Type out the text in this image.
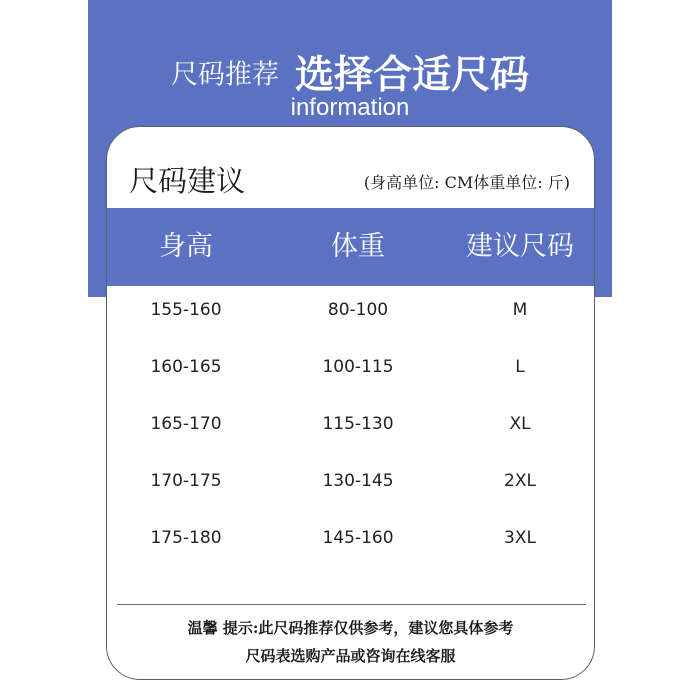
尺码推荐 选择合适尺码
information
尺码建议	(身高单位: CM体重单位: 斤)
身高	体重	建议尺码
155-160	80-100	M
160-165	100-115	L
165-170	115-130	XL
170-175	130-145	2XL
175-180	145-160	3XL
温馨 提示:此尺码推荐仅供参考，建议您具体参考
尺码表选购产品或咨询在线客服
